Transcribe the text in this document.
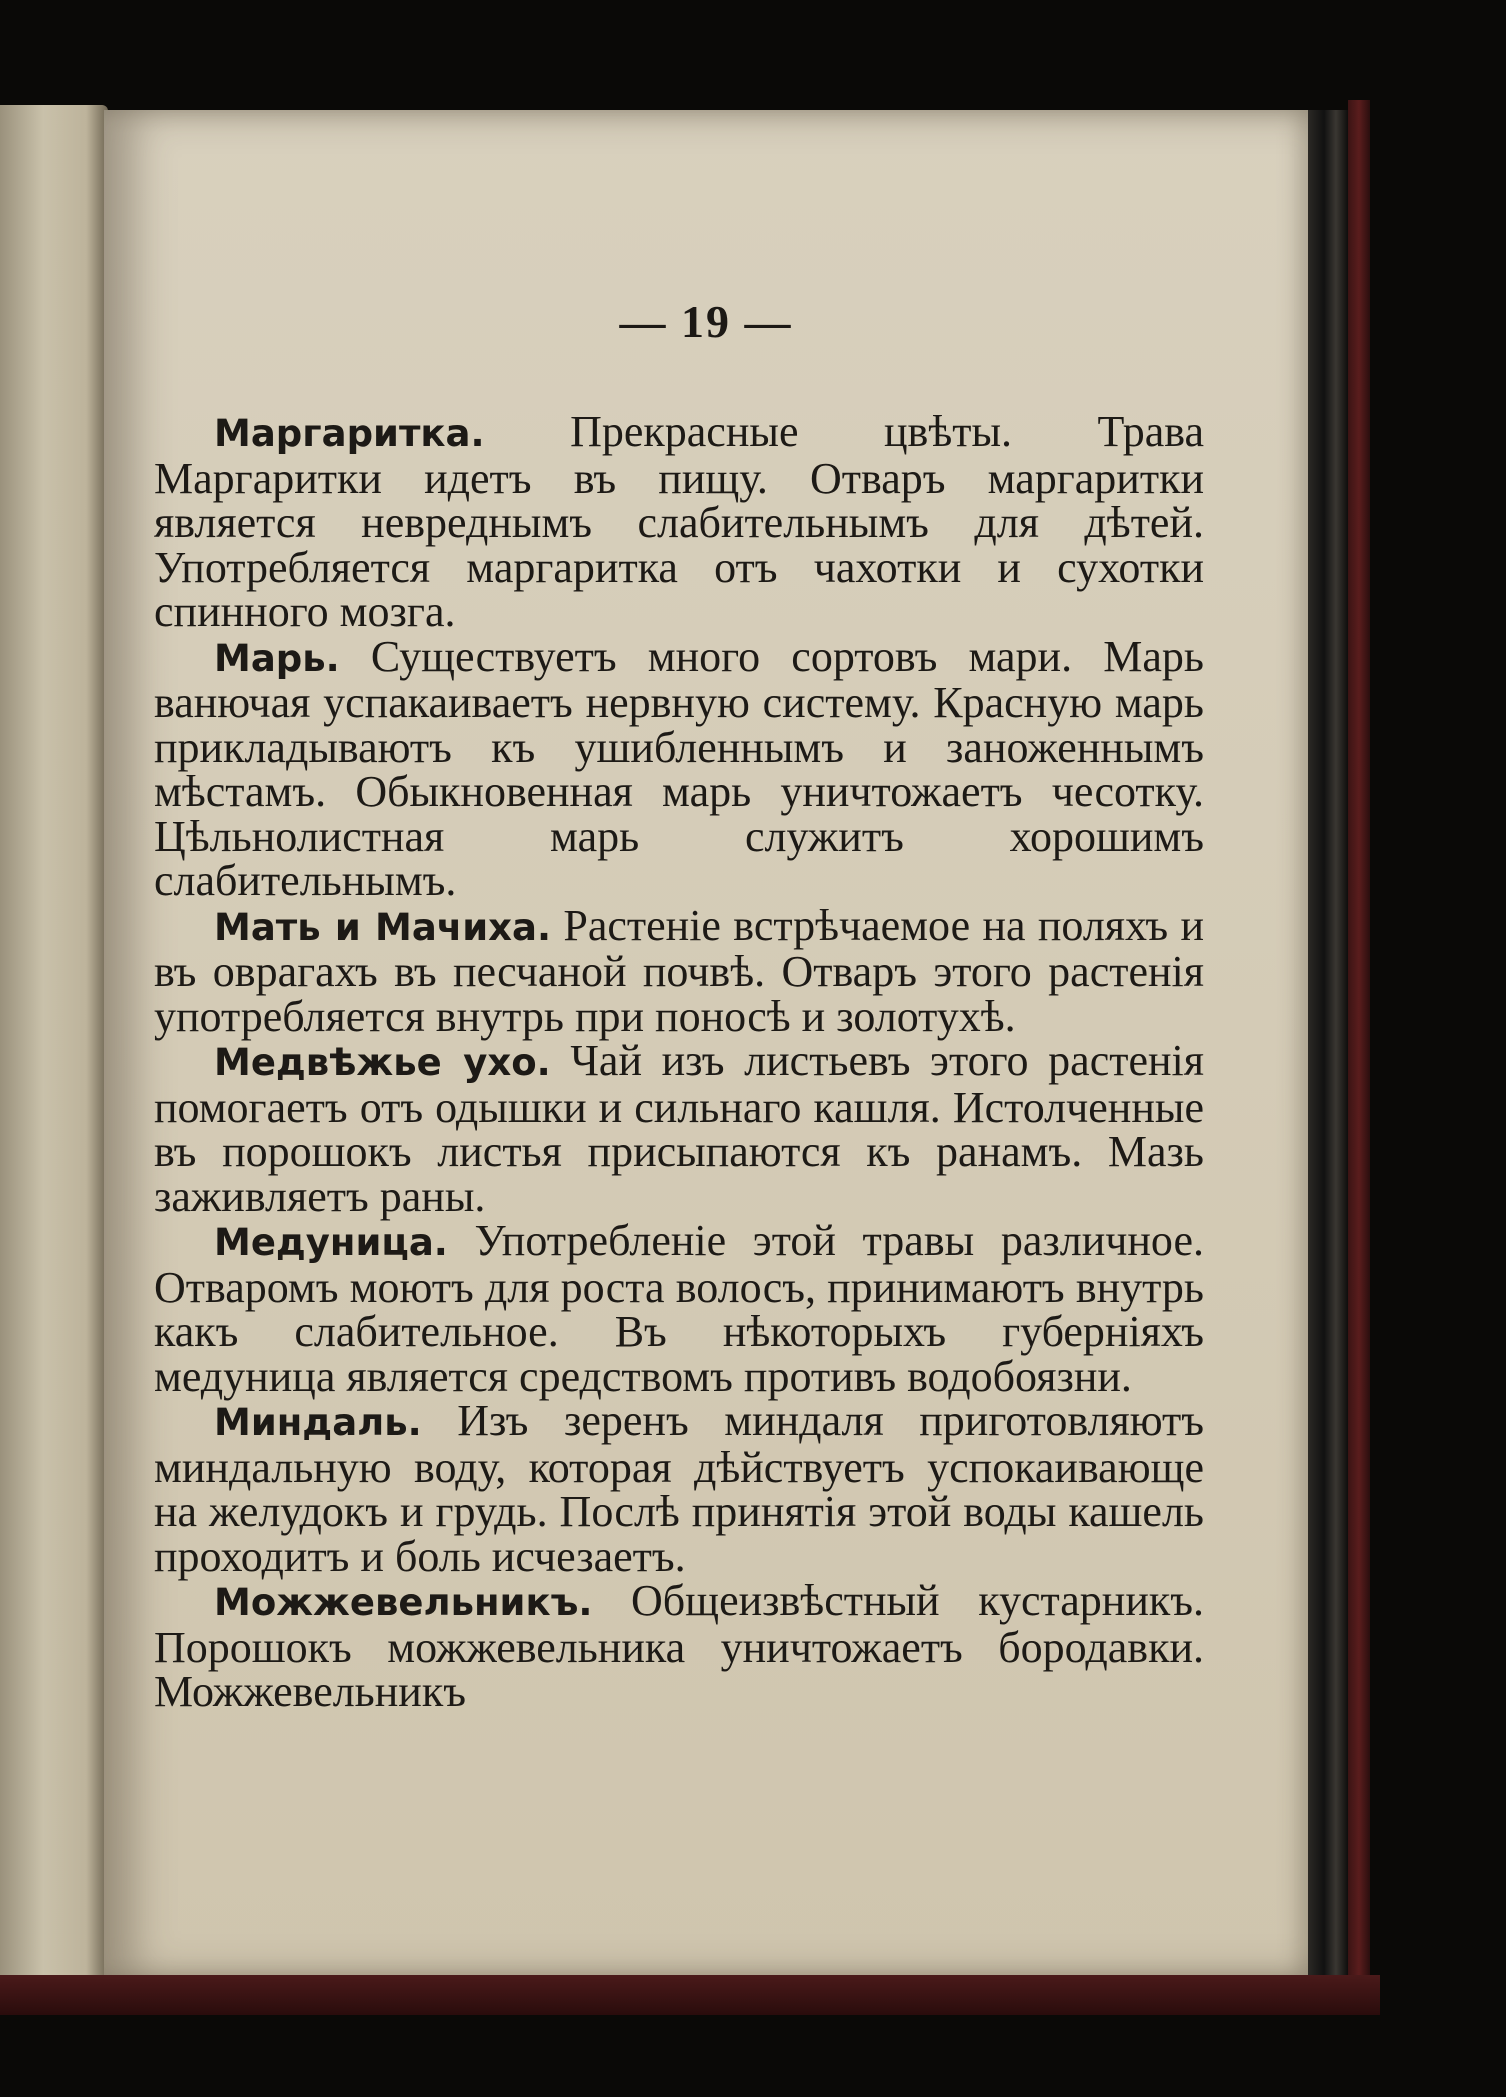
— 19 —

Маргаритка. Прекрасные цвѣты. Трава Маргаритки идетъ въ пищу. Отваръ маргаритки является невреднымъ слабительнымъ для дѣтей. Употребляется маргаритка отъ чахотки и сухотки спинного мозга.

Марь. Существуетъ много сортовъ мари. Марь ванючая успакаиваетъ нервную систему. Красную марь прикладываютъ къ ушибленнымъ и заноженнымъ мѣстамъ. Обыкновенная марь уничтожаетъ чесотку. Цѣльнолистная марь служитъ хорошимъ слабительнымъ.

Мать и Мачиха. Растеніе встрѣчаемое на поляхъ и въ оврагахъ въ песчаной почвѣ. Отваръ этого растенія употребляется внутрь при поносѣ и золотухѣ.

Медвѣжье ухо. Чай изъ листьевъ этого растенія помогаетъ отъ одышки и сильнаго кашля. Истолченные въ порошокъ листья присыпаются къ ранамъ. Мазь заживляетъ раны.

Медуница. Употребленіе этой травы различное. Отваромъ моютъ для роста волосъ, принимаютъ внутрь какъ слабительное. Въ нѣкоторыхъ губерніяхъ медуница является средствомъ противъ водобоязни.

Миндаль. Изъ зеренъ миндаля приготовляютъ миндальную воду, которая дѣйствуетъ успокаивающе на желудокъ и грудь. Послѣ принятія этой воды кашель проходитъ и боль исчезаетъ.

Можжевельникъ. Общеизвѣстный кустарникъ. Порошокъ можжевельника уничтожаетъ бородавки. Можжевельникъ
